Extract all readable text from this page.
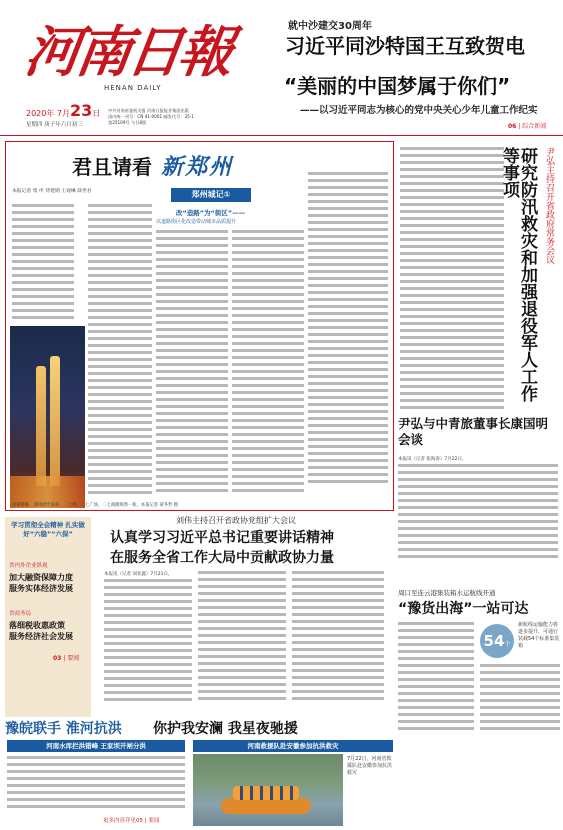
河南日報
HENAN DAILY
2020年 7月23日
星期四 庚子年六月初三
中共河南省委机关报 河南日报报业集团出版
国内统一刊号：CN 41-0001 邮发代号：35-1
第25109号 今日8版
就中沙建交30周年
习近平同沙特国王互致贺电
“美丽的中国梦属于你们”
——以习近平同志为核心的党中央关心少年儿童工作纪实
06 | 综合新闻
君且请看 新郑州
本报记者 集 申 侍建勋 王观琳 薛世君	郑州城记①
改“造路”为“街区”——
以道路街区化改造带动城市品质提升
夜幕降临，郑州流光溢彩，二七塔、二七广场、二七商圈焕然一新。本报记者 聂冬哲 摄
研究防汛救灾和加强退役军人工作等事项	尹弘主持召开省政府常务会议
尹弘与中青旅董事长康国明会谈
本报讯（记者 张海涛）7月22日，
学习贯彻全会精神 扎实做好“六稳”“六保”
省内外企业纵观
加大融资保障力度
服务实体经济发展
省商务局
落细税收惠政策
服务经济社会发展
03 | 要闻
刘伟主持召开省政协党组扩大会议
认真学习习近平总书记重要讲话精神
在服务全省工作大局中贡献政协力量
本报讯（记者 刘亚鑫）7月21日，
周口至连云港集装箱水运航线开通
“豫货出海”一站可达
54个
新航线运输能力将逐步提升，可通行装载54个标准集装箱
豫皖联手 淮河抗洪 你护我安澜 我星夜驰援
河南水库拦洪错峰 王家坝开闸分洪
更多内容详见05 | 要闻
河南救援队赴安徽参加抗洪救灾
7月22日，河南省救援队赴安徽参加抗洪救灾
